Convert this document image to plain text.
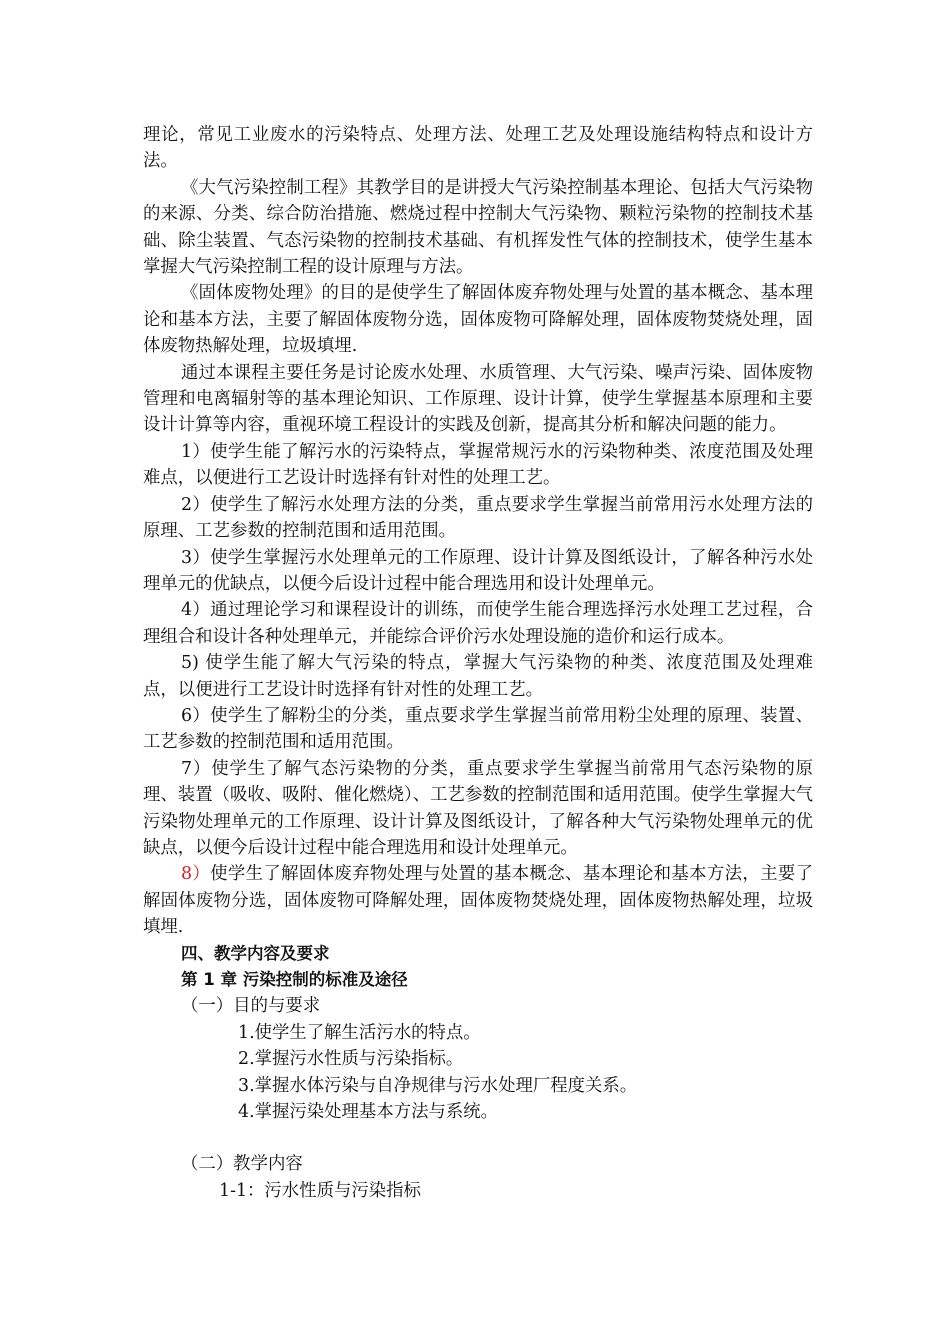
理论，常见工业废水的污染特点、处理方法、处理工艺及处理设施结构特点和设计方法。

《大气污染控制工程》其教学目的是讲授大气污染控制基本理论、包括大气污染物的来源、分类、综合防治措施、燃烧过程中控制大气污染物、颗粒污染物的控制技术基础、除尘装置、气态污染物的控制技术基础、有机挥发性气体的控制技术，使学生基本掌握大气污染控制工程的设计原理与方法。

《固体废物处理》的目的是使学生了解固体废弃物处理与处置的基本概念、基本理论和基本方法，主要了解固体废物分选，固体废物可降解处理，固体废物焚烧处理，固体废物热解处理，垃圾填埋.

通过本课程主要任务是讨论废水处理、水质管理、大气污染、噪声污染、固体废物管理和电离辐射等的基本理论知识、工作原理、设计计算，使学生掌握基本原理和主要设计计算等内容，重视环境工程设计的实践及创新，提高其分析和解决问题的能力。

1）使学生能了解污水的污染特点，掌握常规污水的污染物种类、浓度范围及处理难点，以便进行工艺设计时选择有针对性的处理工艺。

2）使学生了解污水处理方法的分类，重点要求学生掌握当前常用污水处理方法的原理、工艺参数的控制范围和适用范围。

3）使学生掌握污水处理单元的工作原理、设计计算及图纸设计，了解各种污水处理单元的优缺点，以便今后设计过程中能合理选用和设计处理单元。

4）通过理论学习和课程设计的训练，而使学生能合理选择污水处理工艺过程，合理组合和设计各种处理单元，并能综合评价污水处理设施的造价和运行成本。

5) 使学生能了解大气污染的特点，掌握大气污染物的种类、浓度范围及处理难点，以便进行工艺设计时选择有针对性的处理工艺。

6）使学生了解粉尘的分类，重点要求学生掌握当前常用粉尘处理的原理、装置、工艺参数的控制范围和适用范围。

7）使学生了解气态污染物的分类，重点要求学生掌握当前常用气态污染物的原理、装置（吸收、吸附、催化燃烧）、工艺参数的控制范围和适用范围。使学生掌握大气污染物处理单元的工作原理、设计计算及图纸设计，了解各种大气污染物处理单元的优缺点，以便今后设计过程中能合理选用和设计处理单元。

8）使学生了解固体废弃物处理与处置的基本概念、基本理论和基本方法，主要了解固体废物分选，固体废物可降解处理，固体废物焚烧处理，固体废物热解处理，垃圾填埋.

四、教学内容及要求

第 1 章 污染控制的标准及途径

（一）目的与要求

1.使学生了解生活污水的特点。

2.掌握污水性质与污染指标。

3.掌握水体污染与自净规律与污水处理厂程度关系。

4.掌握污染处理基本方法与系统。

（二）教学内容

1-1：污水性质与污染指标
